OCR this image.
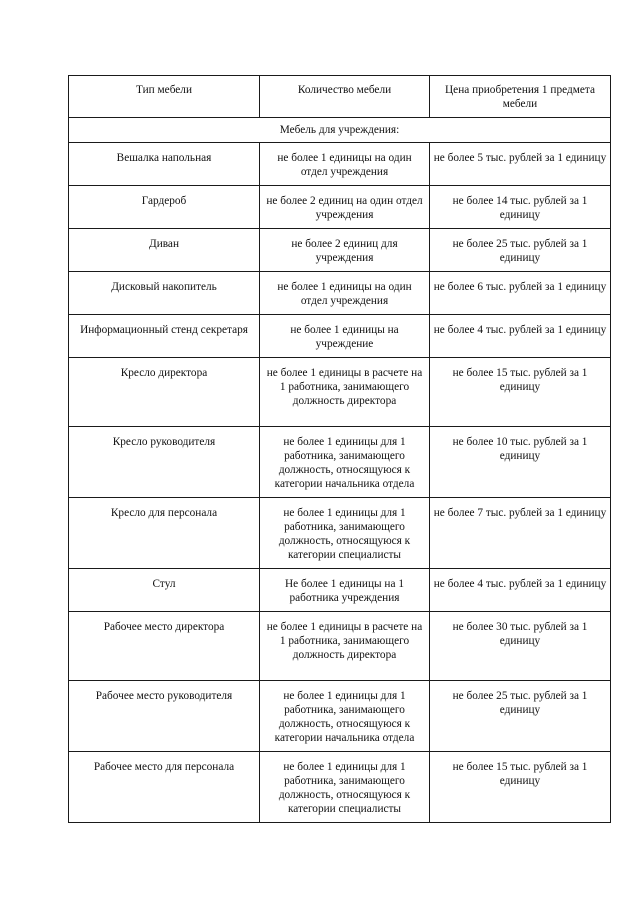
Тип мебели	Количество мебели	Цена приобретения 1 предмета мебели
Мебель для учреждения:		
Вешалка напольная	не более 1 единицы на один отдел учреждения	не более 5 тыс. рублей за 1 единицу
Гардероб	не более 2 единиц на один отдел учреждения	не более 14 тыс. рублей за 1 единицу
Диван	не более 2 единиц для учреждения	не более 25 тыс. рублей за 1 единицу
Дисковый накопитель	не более 1 единицы на один отдел учреждения	не более 6 тыс. рублей за 1 единицу
Информационный стенд секретаря	не более 1 единицы на учреждение	не более 4 тыс. рублей за 1 единицу
Кресло директора	не более 1 единицы в расчете на 1 работника, занимающего должность директора	не более 15 тыс. рублей за 1 единицу
Кресло руководителя	не более 1 единицы для 1 работника, занимающего должность, относящуюся к категории начальника отдела	не более 10 тыс. рублей за 1 единицу
Кресло для персонала	не более 1 единицы для 1 работника, занимающего должность, относящуюся к категории специалисты	не более 7 тыс. рублей за 1 единицу
Стул	Не более 1 единицы на 1 работника учреждения	не более 4 тыс. рублей за 1 единицу
Рабочее место директора	не более 1 единицы в расчете на 1 работника, занимающего должность директора	не более 30 тыс. рублей за 1 единицу
Рабочее место руководителя	не более 1 единицы для 1 работника, занимающего должность, относящуюся к категории начальника отдела	не более 25 тыс. рублей за 1 единицу
Рабочее место для персонала	не более 1 единицы для 1 работника, занимающего должность, относящуюся к категории специалисты	не более 15 тыс. рублей за 1 единицу
